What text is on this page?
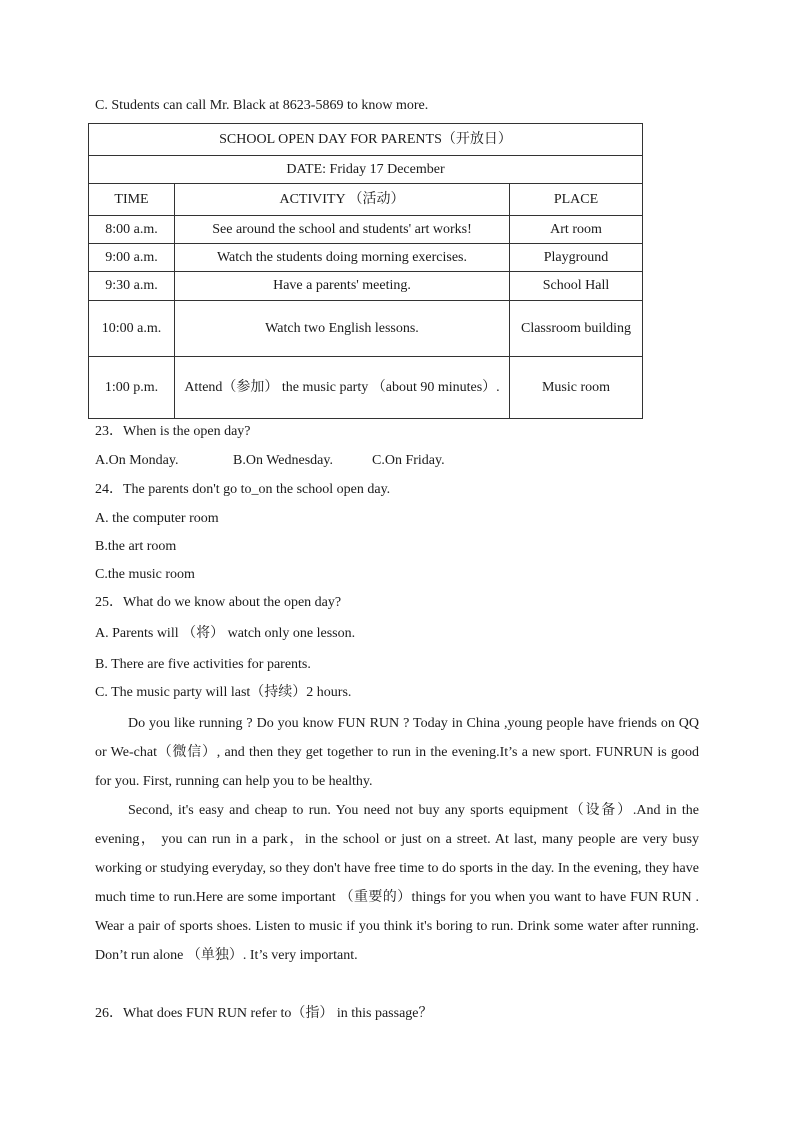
C. Students can call Mr. Black at 8623-5869 to know more.
SCHOOL OPEN DAY FOR PARENTS（开放日）		
DATE: Friday 17 December		
TIME	ACTIVITY （活动）	PLACE
8:00 a.m.	See around the school and students' art works!	Art room
9:00 a.m.	Watch the students doing morning exercises.	Playground
9:30 a.m.	Have a parents' meeting.	School Hall
10:00 a.m.	Watch two English lessons.	Classroom building
1:00 p.m.	Attend（参加） the music party （about 90 minutes）.	Music room
23．When is the open day?
A.On Monday.	B.On Wednesday.	C.On Friday.
24．The parents don't go to_on the school open day.
A. the computer room
B.the art room
C.the music room
25．What do we know about the open day?
A. Parents will （将） watch only one lesson.
B. There are five activities for parents.
C. The music party will last（持续）2 hours.
Do you like running ? Do you know FUN RUN ? Today in China ,young people have friends on QQ or We-chat（微信）, and then they get together to run in the evening.It’s a new sport. FUNRUN is good for you. First, running can help you to be healthy.
Second, it's easy and cheap to run. You need not buy any sports equipment（设备）.And in the evening， you can run in a park，in the school or just on a street. At last, many people are very busy working or studying everyday, so they don't have free time to do sports in the day. In the evening, they have much time to run.Here are some important （重要的）things for you when you want to have FUN RUN . Wear a pair of sports shoes. Listen to music if you think it's boring to run. Drink some water after running. Don’t run alone （单独）. It’s very important.
26．What does FUN RUN refer to（指） in this passage？
